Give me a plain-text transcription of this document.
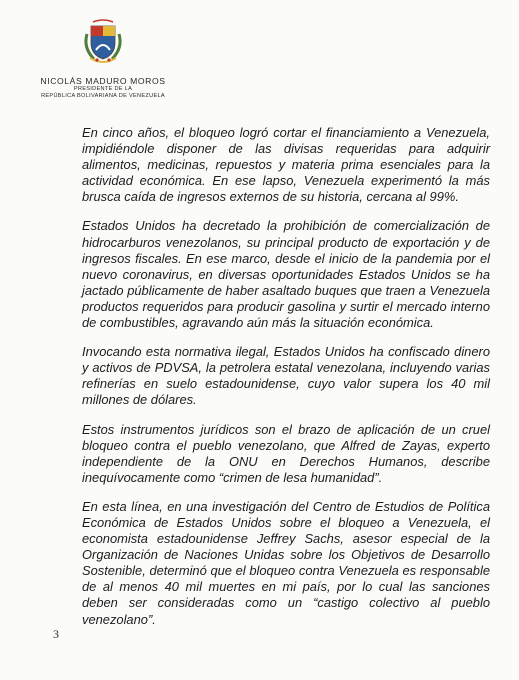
NICOLÁS MADURO MOROS
PRESIDENTE DE LA
REPÚBLICA BOLIVARIANA DE VENEZUELA

En cinco años, el bloqueo logró cortar el financiamiento a Venezuela, impidiéndole disponer de las divisas requeridas para adquirir alimentos, medicinas, repuestos y materia prima esenciales para la actividad económica. En ese lapso, Venezuela experimentó la más brusca caída de ingresos externos de su historia, cercana al 99%.

Estados Unidos ha decretado la prohibición de comercialización de hidrocarburos venezolanos, su principal producto de exportación y de ingresos fiscales. En ese marco, desde el inicio de la pandemia por el nuevo coronavirus, en diversas oportunidades Estados Unidos se ha jactado públicamente de haber asaltado buques que traen a Venezuela productos requeridos para producir gasolina y surtir el mercado interno de combustibles, agravando aún más la situación económica.

Invocando esta normativa ilegal, Estados Unidos ha confiscado dinero y activos de PDVSA, la petrolera estatal venezolana, incluyendo varias refinerías en suelo estadounidense, cuyo valor supera los 40 mil millones de dólares.

Estos instrumentos jurídicos son el brazo de aplicación de un cruel bloqueo contra el pueblo venezolano, que Alfred de Zayas, experto independiente de la ONU en Derechos Humanos, describe inequívocamente como “crimen de lesa humanidad”.

En esta línea, en una investigación del Centro de Estudios de Política Económica de Estados Unidos sobre el bloqueo a Venezuela, el economista estadounidense Jeffrey Sachs, asesor especial de la Organización de Naciones Unidas sobre los Objetivos de Desarrollo Sostenible, determinó que el bloqueo contra Venezuela es responsable de al menos 40 mil muertes en mi país, por lo cual las sanciones deben ser consideradas como un “castigo colectivo al pueblo venezolano”.

3
